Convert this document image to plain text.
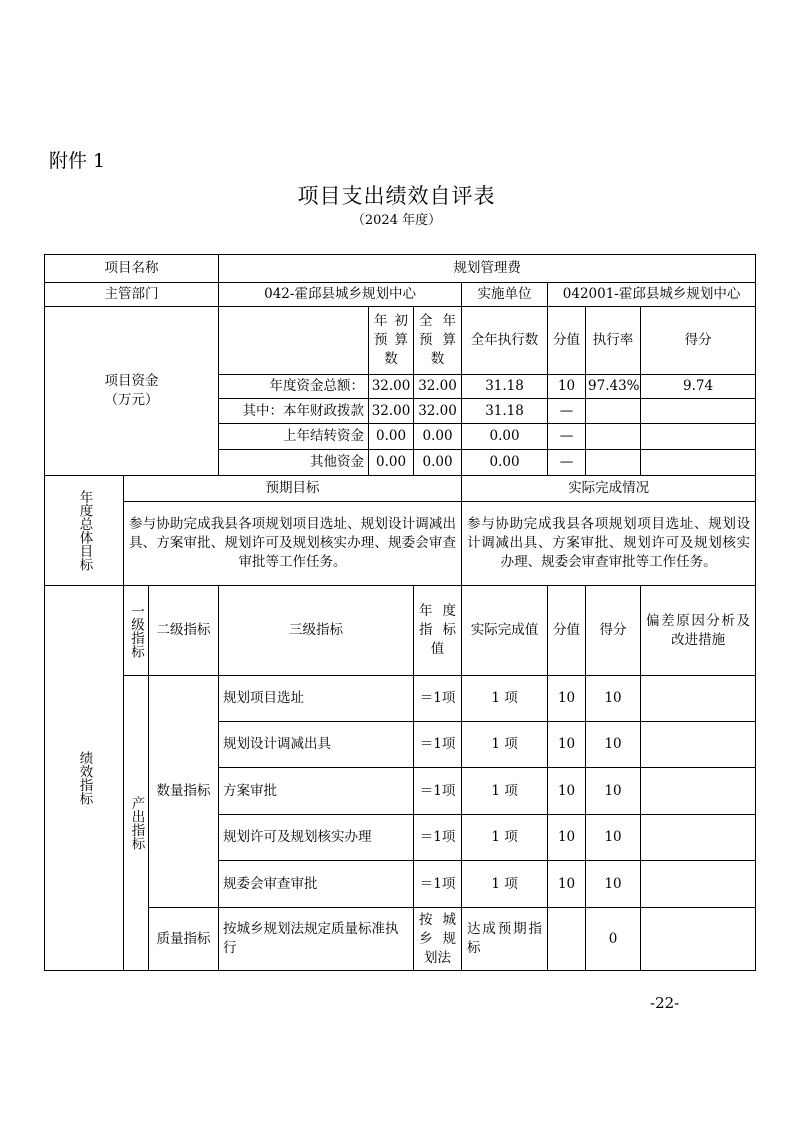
附件 1
项目支出绩效自评表
（2024 年度）
项目名称			规划管理费						
主管部门			042-霍邱县城乡规划中心			实施单位	042001-霍邱县城乡规划中心		
项目资金
（万元）				年初预算数	全年预算数	全年执行数	分值	执行率	得分
			年度资金总额：	32.00	32.00	31.18	10	97.43%	9.74
			其中：本年财政拨款	32.00	32.00	31.18	—		
			上年结转资金	0.00	0.00	0.00	—		
			其他资金	0.00	0.00	0.00	—		

年度总体目标	预期目标					实际完成情况			
	参与协助完成我县各项规划项目选址、规划设计调减出具、方案审批、规划许可及规划核实办理、规委会审查审批等工作任务。					参与协助完成我县各项规划项目选址、规划设计调减出具、方案审批、规划许可及规划核实办理、规委会审查审批等工作任务。			

绩效指标	一级指标	二级指标	三级指标		年度指标值	实际完成值	分值	得分	偏差原因分析及改进措施

	产出指标	数量指标	规划项目选址		＝1项	1 项	10	10	
			规划设计调减出具		＝1项	1 项	10	10	
			方案审批		＝1项	1 项	10	10	
			规划许可及规划核实办理		＝1项	1 项	10	10	
			规委会审查审批		＝1项	1 项	10	10	
		质量指标	按城乡规划法规定质量标准执行		按城乡规划法	达成预期指标		0	
-22-
